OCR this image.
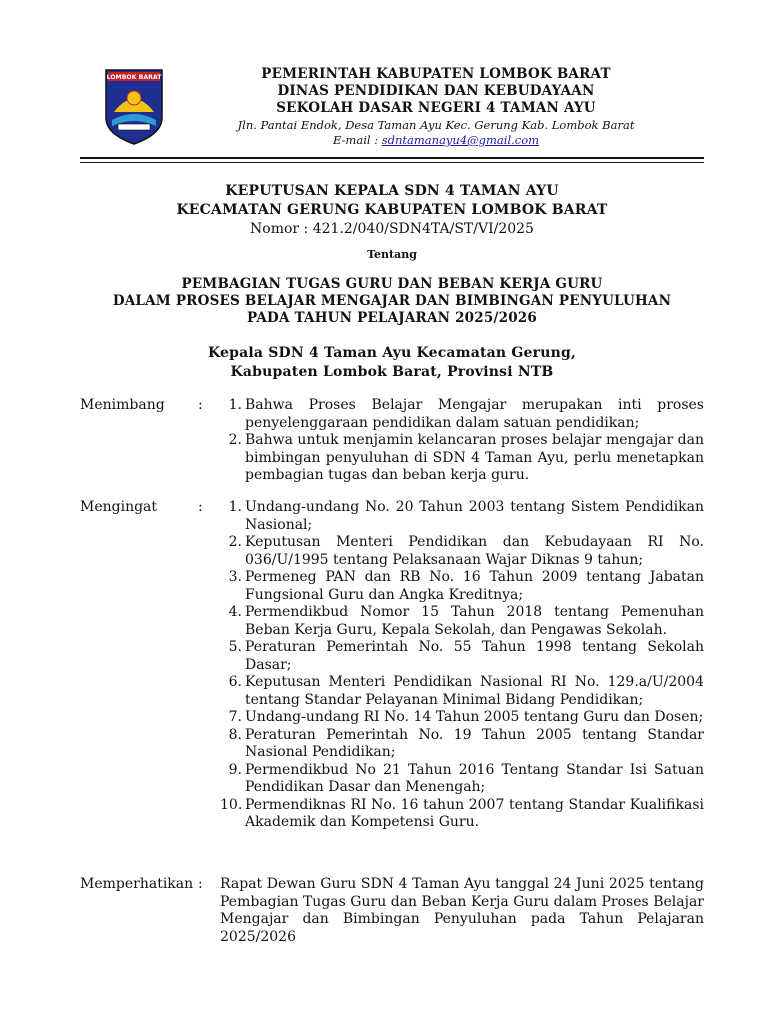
LOMBOK BARAT	PEMERINTAH KABUPATEN LOMBOK BARAT
DINAS PENDIDIKAN DAN KEBUDAYAAN
SEKOLAH DASAR NEGERI 4 TAMAN AYU
Jln. Pantai Endok, Desa Taman Ayu Kec. Gerung Kab. Lombok Barat
E-mail : sdntamanayu4@gmail.com
KEPUTUSAN KEPALA SDN 4 TAMAN AYU
KECAMATAN GERUNG KABUPATEN LOMBOK BARAT
Nomor : 421.2/040/SDN4TA/ST/VI/2025
Tentang
PEMBAGIAN TUGAS GURU DAN BEBAN KERJA GURU
DALAM PROSES BELAJAR MENGAJAR DAN BIMBINGAN PENYULUHAN
PADA TAHUN PELAJARAN 2025/2026
Kepala SDN 4 Taman Ayu Kecamatan Gerung,
Kabupaten Lombok Barat, Provinsi NTB
Menimbang :	1. Bahwa Proses Belajar Mengajar merupakan inti proses penyelenggaraan pendidikan dalam satuan pendidikan;
2. Bahwa untuk menjamin kelancaran proses belajar mengajar dan bimbingan penyuluhan di SDN 4 Taman Ayu, perlu menetapkan pembagian tugas dan beban kerja guru.
Mengingat	:	1. Undang-undang No. 20 Tahun 2003 tentang Sistem Pendidikan Nasional;
2. Keputusan Menteri Pendidikan dan Kebudayaan RI No. 036/U/1995 tentang Pelaksanaan Wajar Diknas 9 tahun;
3. Permeneg PAN dan RB No. 16 Tahun 2009 tentang Jabatan Fungsional Guru dan Angka Kreditnya;
4. Permendikbud Nomor 15 Tahun 2018 tentang Pemenuhan Beban Kerja Guru, Kepala Sekolah, dan Pengawas Sekolah.
5. Peraturan Pemerintah No. 55 Tahun 1998 tentang Sekolah Dasar;
6. Keputusan Menteri Pendidikan Nasional RI No. 129.a/U/2004 tentang Standar Pelayanan Minimal Bidang Pendidikan;
7. Undang-undang RI No. 14 Tahun 2005 tentang Guru dan Dosen;
8. Peraturan Pemerintah No. 19 Tahun 2005 tentang Standar Nasional Pendidikan;
9. Permendikbud No 21 Tahun 2016 Tentang Standar Isi Satuan Pendidikan Dasar dan Menengah;
10. Permendiknas RI No. 16 tahun 2007 tentang Standar Kualifikasi Akademik dan Kompetensi Guru.
Memperhatikan : Rapat Dewan Guru SDN 4 Taman Ayu tanggal 24 Juni 2025 tentang Pembagian Tugas Guru dan Beban Kerja Guru dalam Proses Belajar Mengajar dan Bimbingan Penyuluhan pada Tahun Pelajaran 2025/2026
